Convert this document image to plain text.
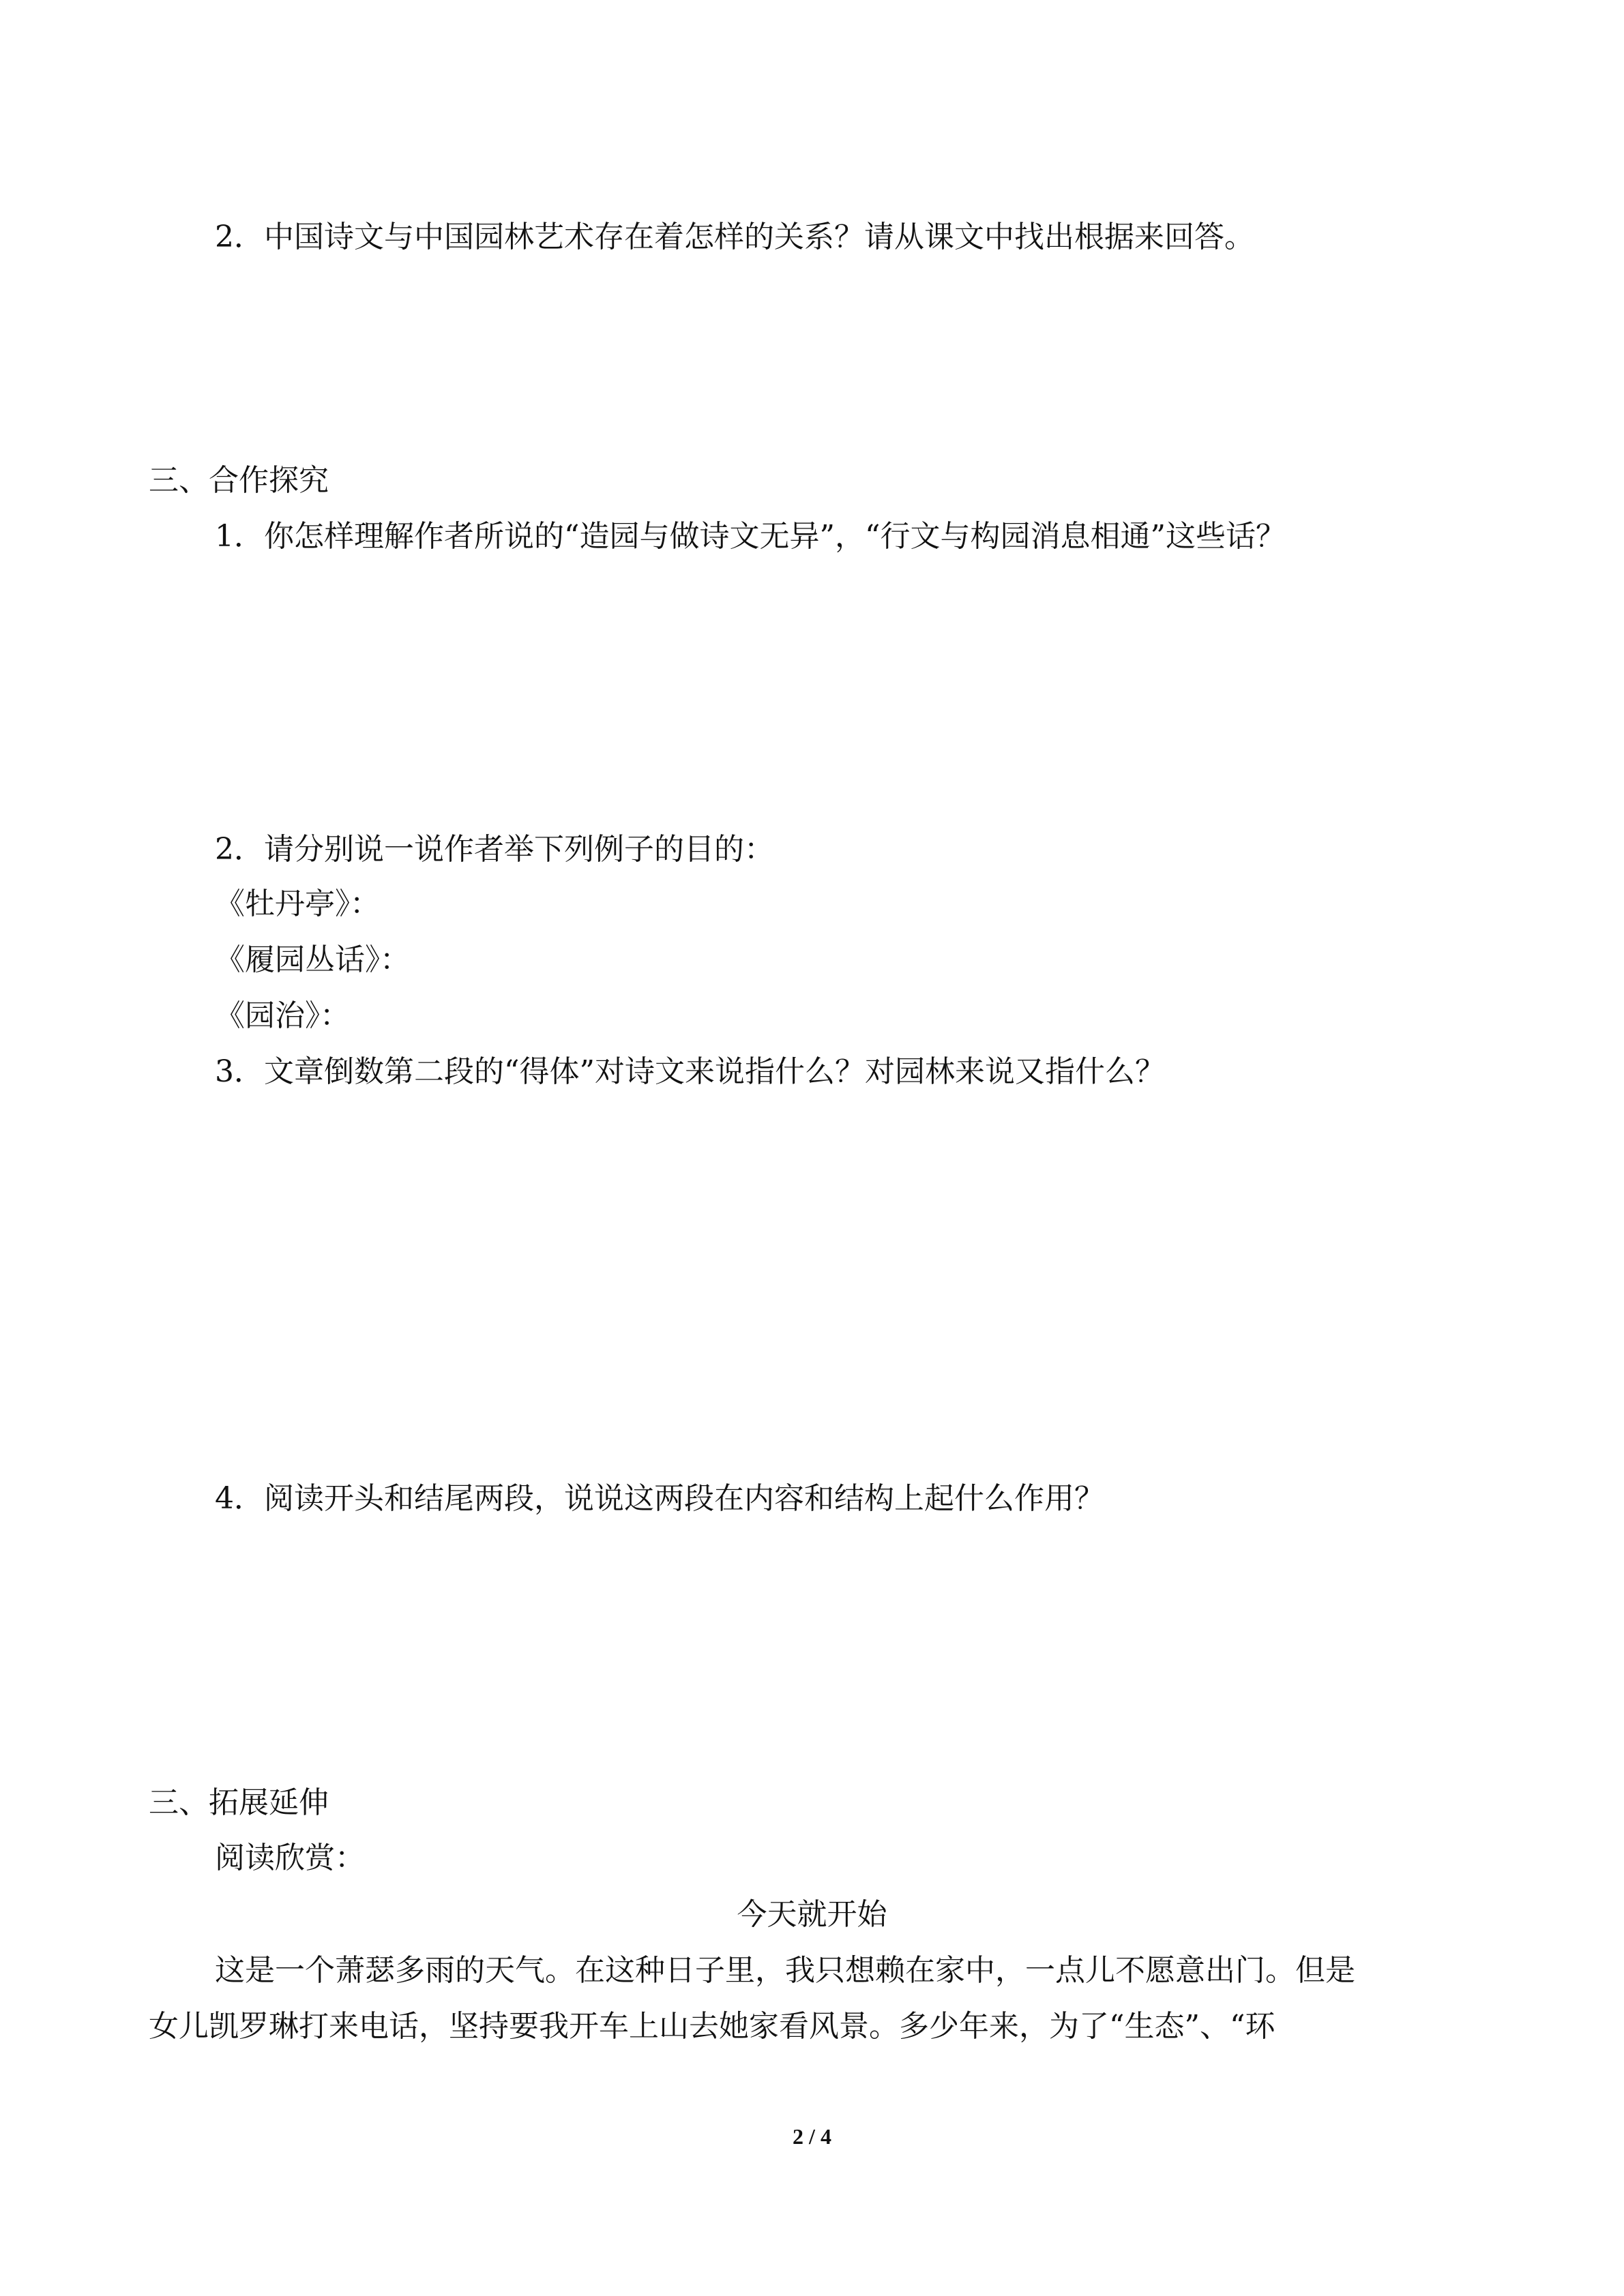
2．中国诗文与中国园林艺术存在着怎样的关系？请从课文中找出根据来回答。
三、合作探究
1．你怎样理解作者所说的“造园与做诗文无异”，“行文与构园消息相通”这些话？
2．请分别说一说作者举下列例子的目的：
《牡丹亭》：
《履园丛话》：
《园治》：
3．文章倒数第二段的“得体”对诗文来说指什么？对园林来说又指什么？
4．阅读开头和结尾两段，说说这两段在内容和结构上起什么作用？
三、拓展延伸
阅读欣赏：
今天就开始
这是一个萧瑟多雨的天气。在这种日子里，我只想赖在家中，一点儿不愿意出门。但是
女儿凯罗琳打来电话，坚持要我开车上山去她家看风景。多少年来，为了“生态”、“环
2 / 4
